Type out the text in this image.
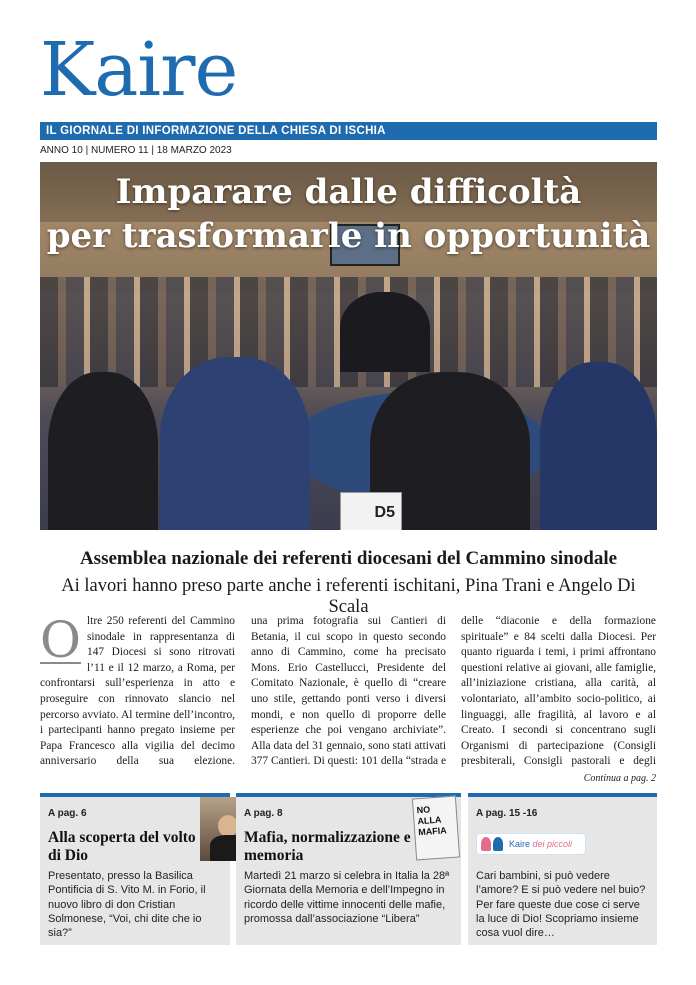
Kaire
IL GIORNALE DI INFORMAZIONE DELLA CHIESA DI ISCHIA
ANNO 10 | NUMERO 11 | 18 MARZO 2023
D5
Imparare dalle difficoltà
per trasformarle in opportunità
Assemblea nazionale dei referenti diocesani del Cammino sinodale
Ai lavori hanno preso parte anche i referenti ischitani, Pina Trani e Angelo Di Scala
O ltre 250 referenti del Cammino sinodale in rappresentanza di 147 Diocesi si sono ritrovati l’11 e il 12 marzo, a Roma, per confrontarsi sull’esperienza in atto e proseguire con rinnovato slancio nel percorso avviato. Al termine dell’incontro, i partecipanti hanno pregato insieme per Papa Francesco alla vigilia del decimo anniversario della sua elezione.
una prima fotografia sui Cantieri di Betania, il cui scopo in questo secondo anno di Cammino, come ha precisato Mons. Erio Castellucci, Presidente del Comitato Nazionale, è quello di “creare uno stile, gettando ponti verso i diversi mondi, e non quello di proporre delle esperienze che poi vengano archiviate”. Alla data del 31 gennaio, sono stati attivati 377 Cantieri. Di questi: 101 della “strada e
delle “diaconie e della formazione spirituale” e 84 scelti dalla Diocesi. Per quanto riguarda i temi, i primi affrontano questioni relative ai giovani, alle famiglie, all’iniziazione cristiana, alla carità, al volontariato, all’ambito socio-politico, ai linguaggi, alle fragilità, al lavoro e al Creato. I secondi si concentrano sugli Organismi di partecipazione (Consigli presbiterali, Consigli pastorali e degli
Continua a pag. 2
A pag. 6
Alla scoperta del volto di Dio
Presentato, presso la Basilica Pontificia di S. Vito M. in Forio, il nuovo libro di don Cristian Solmonese, “Voi, chi dite che io sia?”
A pag. 8	NO ALLA MAFIA
Mafia, normalizzazione e memoria
Martedì 21 marzo si celebra in Italia la 28ª Giornata della Memoria e dell’Impegno in ricordo delle vittime innocenti delle mafie, promossa dall’associazione “Libera”
A pag. 15 -16
Kaire dei piccoli
Cari bambini, si può vedere l’amore? E si può vedere nel buio? Per fare queste due cose ci serve la luce di Dio! Scopriamo insieme cosa vuol dire…
